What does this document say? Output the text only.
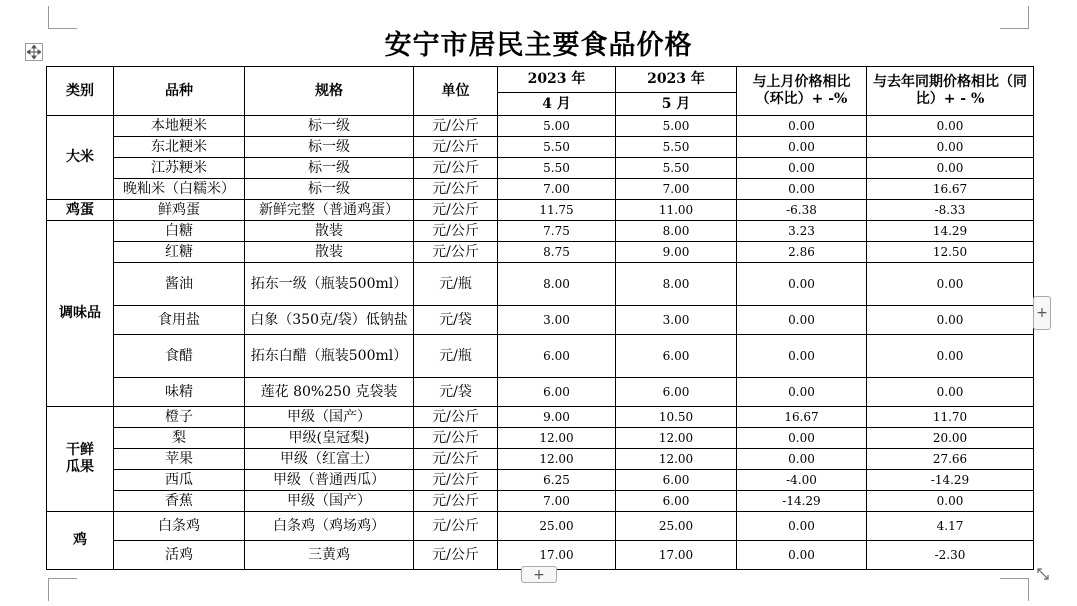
安宁市居民主要食品价格
类别	品种	规格	单位	2023 年	2023 年	与上月价格相比（环比）+ -%	与去年同期价格相比（同比）+ - %
				4 月	5 月		
大米	本地粳米	标一级	元/公斤	5.00	5.00	0.00	0.00
	东北粳米	标一级	元/公斤	5.50	5.50	0.00	0.00
	江苏粳米	标一级	元/公斤	5.50	5.50	0.00	0.00
	晚籼米（白糯米）	标一级	元/公斤	7.00	7.00	0.00	16.67
鸡蛋	鲜鸡蛋	新鲜完整（普通鸡蛋）	元/公斤	11.75	11.00	-6.38	-8.33
调味品	白糖	散装	元/公斤	7.75	8.00	3.23	14.29
	红糖	散装	元/公斤	8.75	9.00	2.86	12.50
	酱油	拓东一级（瓶装500ml）	元/瓶	8.00	8.00	0.00	0.00
	食用盐	白象（350克/袋）低钠盐	元/袋	3.00	3.00	0.00	0.00
	食醋	拓东白醋（瓶装500ml）	元/瓶	6.00	6.00	0.00	0.00
	味精	莲花 80%250 克袋装	元/袋	6.00	6.00	0.00	0.00
干鲜瓜果	橙子	甲级（国产）	元/公斤	9.00	10.50	16.67	11.70
	梨	甲级(皇冠梨)	元/公斤	12.00	12.00	0.00	20.00
	苹果	甲级（红富士）	元/公斤	12.00	12.00	0.00	27.66
	西瓜	甲级（普通西瓜）	元/公斤	6.25	6.00	-4.00	-14.29
	香蕉	甲级（国产）	元/公斤	7.00	6.00	-14.29	0.00
鸡	白条鸡	白条鸡（鸡场鸡）	元/公斤	25.00	25.00	0.00	4.17
	活鸡	三黄鸡	元/公斤	17.00	17.00	0.00	-2.30
+
+
